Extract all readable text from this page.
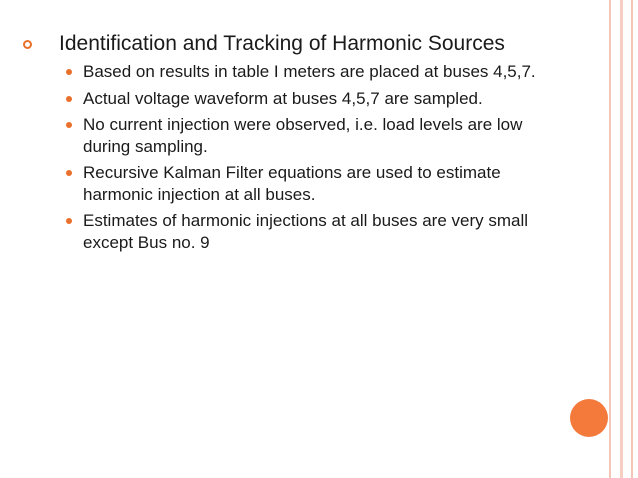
Identification and Tracking of Harmonic Sources
Based on results in table I meters are placed at buses 4,5,7.
Actual voltage waveform at buses 4,5,7 are sampled.
No current injection were observed, i.e. load levels are low during sampling.
Recursive Kalman Filter equations are used to estimate harmonic injection at all buses.
Estimates of harmonic injections at all buses are very small except Bus no. 9
